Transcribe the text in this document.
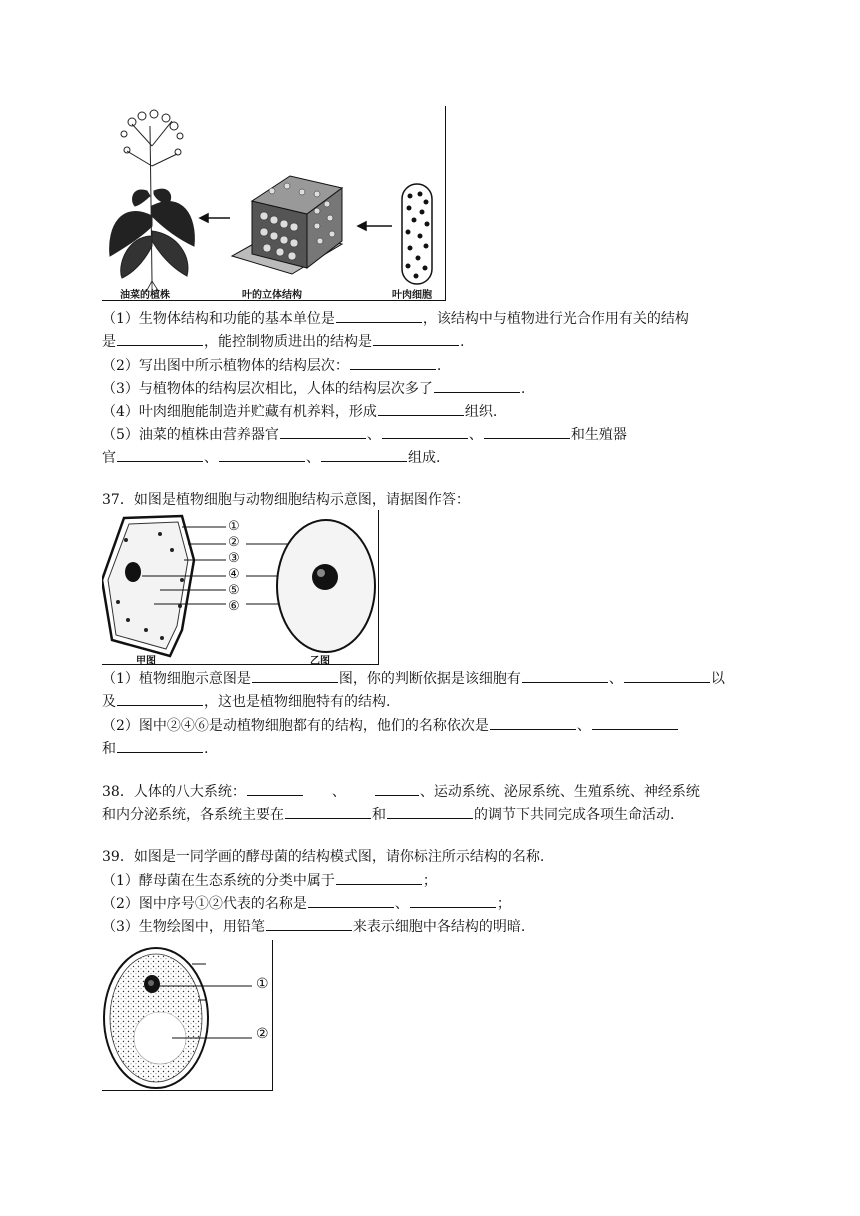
油菜的植株	叶的立体结构	叶肉细胞
（1）生物体结构和功能的基本单位是	，该结构中与植物进行光合作用有关的结构
是	，能控制物质进出的结构是	.
（2）写出图中所示植物体的结构层次：	.
（3）与植物体的结构层次相比，人体的结构层次多了	.
（4）叶肉细胞能制造并贮藏有机养料，形成	组织.
（5）油菜的植株由营养器官	、	、	和生殖器
官	、	、	组成.
37．如图是植物细胞与动物细胞结构示意图，请据图作答：
①
②
③
④
⑤
⑥
甲图	乙图
（1）植物细胞示意图是	图，你的判断依据是该细胞有	、	以
及	，这也是植物细胞特有的结构.
（2）图中②④⑥是动植物细胞都有的结构，他们的名称依次是	、
和	.
38．人体的八大系统：	、	、运动系统、泌尿系统、生殖系统、神经系统
和内分泌系统，各系统主要在	和	的调节下共同完成各项生命活动.
39．如图是一同学画的酵母菌的结构模式图，请你标注所示结构的名称.
（1）酵母菌在生态系统的分类中属于	；
（2）图中序号①②代表的名称是	、	；
（3）生物绘图中，用铅笔	来表示细胞中各结构的明暗.
①
②
